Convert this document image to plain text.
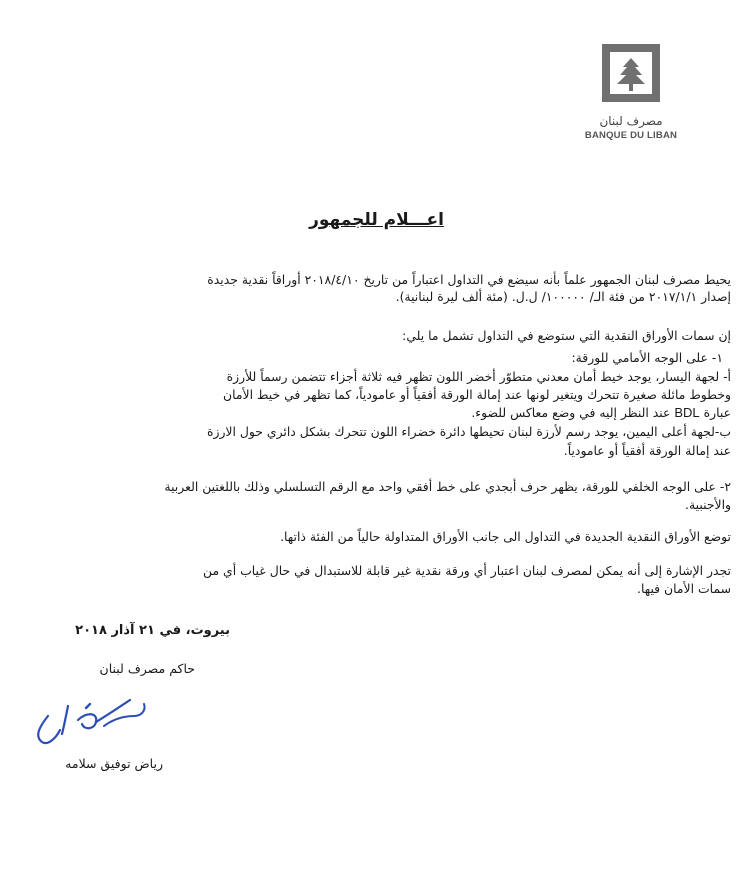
مصرف لبنان
BANQUE DU LIBAN
اعـــلام للجمهور

يحيط مصرف لبنان الجمهور علماً بأنه سيضع في التداول اعتباراً من تاريخ ٢٠١٨/٤/١٠ أوراقاً نقدية جديدة

إصدار ٢٠١٧/١/١ من فئة الـ/ ١٠٠٠٠٠/ ل.ل. (مئة ألف ليرة لبنانية).

إن سمات الأوراق النقدية التي ستوضع في التداول تشمل ما يلي:

١- على الوجه الأمامي للورقة:

أ- لجهة اليسار، يوجد خيط أمان معدني متطوّر أخضر اللون تظهر فيه ثلاثة أجزاء تتضمن رسماً للأرزة

وخطوط مائلة صغيرة تتحرك ويتغير لونها عند إمالة الورقة أفقياً أو عامودياً، كما تظهر في خيط الأمان

عبارة BDL عند النظر إليه في وضع معاكس للضوء.

ب-لجهة أعلى اليمين، يوجد رسم لأرزة لبنان تحيطها دائرة خضراء اللون تتحرك بشكل دائري حول الارزة

عند إمالة الورقة أفقياً أو عامودياً.

٢- على الوجه الخلفي للورقة، يظهر حرف أبجدي على خط أفقي واحد مع الرقم التسلسلي وذلك باللغتين العربية

والأجنبية.

توضع الأوراق النقدية الجديدة في التداول الى جانب الأوراق المتداولة حالياً من الفئة ذاتها.

تجدر الإشارة إلى أنه يمكن لمصرف لبنان اعتبار أي ورقة نقدية غير قابلة للاستبدال في حال غياب أي من

سمات الأمان فيها.

بيروت، في ٢١ آذار ٢٠١٨

حاكم مصرف لبنان

رياض توفيق سلامه
